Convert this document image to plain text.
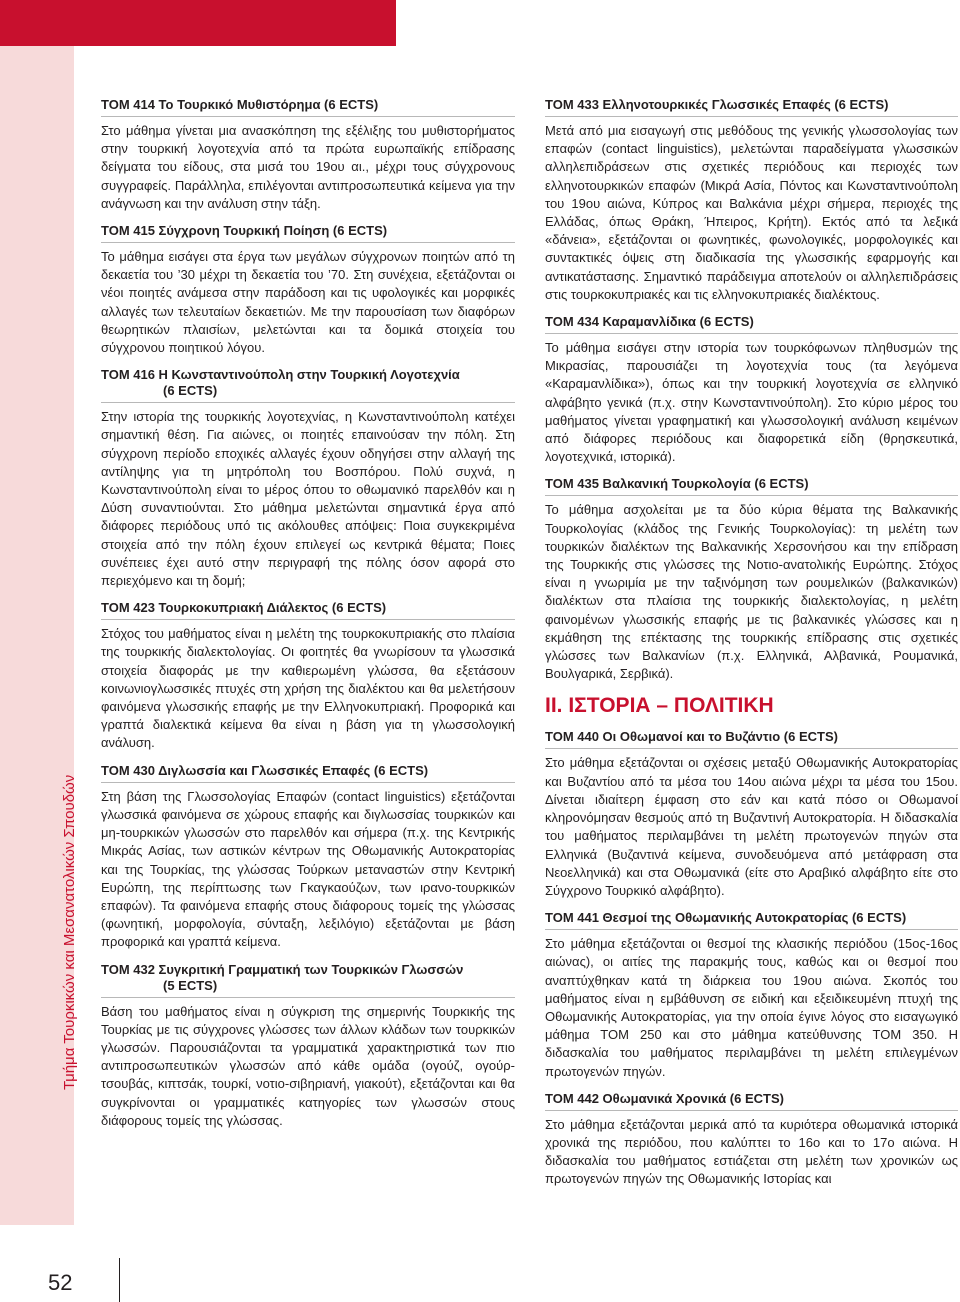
Τμήμα Τουρκικών και Μεσανατολικών Σπουδών
52
ΤΟΜ 414 Το Τουρκικό Μυθιστόρημα (6 ECTS)

Στο μάθημα γίνεται μια ανασκόπηση της εξέλιξης του μυθιστορήματος στην τουρκική λογοτεχνία από τα πρώτα ευρωπαϊκής επίδρασης δείγματα του είδους, στα μισά του 19ου αι., μέχρι τους σύγχρονους συγγραφείς. Παράλληλα, επιλέγονται αντιπροσωπευτικά κείμενα για την ανάγνωση και την ανάλυση στην τάξη.

ΤΟΜ 415 Σύγχρονη Τουρκική Ποίηση (6 ECTS)

Το μάθημα εισάγει στα έργα των μεγάλων σύγχρονων ποιητών από τη δεκαετία του ’30 μέχρι τη δεκαετία του ’70. Στη συνέχεια, εξετάζονται οι νέοι ποιητές ανάμεσα στην παράδοση και τις υφολογικές και μορφικές αλλαγές των τελευταίων δεκαετιών. Με την παρουσίαση των διαφόρων θεωρητικών πλαισίων, μελετώνται και τα δομικά στοιχεία του σύγχρονου ποιητικού λόγου.

ΤΟΜ 416 Η Κωνσταντινούπολη στην Τουρκική Λογοτεχνία
(6 ECTS)

Στην ιστορία της τουρκικής λογοτεχνίας, η Κωνσταντινούπολη κατέχει σημαντική θέση. Για αιώνες, οι ποιητές επαινούσαν την πόλη. Στη σύγχρονη περίοδο εποχικές αλλαγές έχουν οδηγήσει στην αλλαγή της αντίληψης για τη μητρόπολη του Βοσπόρου. Πολύ συχνά, η Κωνσταντινούπολη είναι το μέρος όπου το οθωμανικό παρελθόν και η Δύση συναντιούνται. Στο μάθημα μελετώνται σημαντικά έργα από διάφορες περιόδους υπό τις ακόλουθες απόψεις: Ποια συγκεκριμένα στοιχεία από την πόλη έχουν επιλεγεί ως κεντρικά θέματα; Ποιες συνέπειες έχει αυτό στην περιγραφή της πόλης όσον αφορά στο περιεχόμενο και τη δομή;

ΤΟΜ 423 Τουρκοκυπριακή Διάλεκτος (6 ECTS)

Στόχος του μαθήματος είναι η μελέτη της τουρκοκυπριακής στο πλαίσια της τουρκικής διαλεκτολογίας. Οι φοιτητές θα γνωρίσουν τα γλωσσικά στοιχεία διαφοράς με την καθιερωμένη γλώσσα, θα εξετάσουν κοινωνιογλωσσικές πτυχές στη χρήση της διαλέκτου και θα μελετήσουν φαινόμενα γλωσσικής επαφής με την Ελληνοκυπριακή. Προφορικά και γραπτά διαλεκτικά κείμενα θα είναι η βάση για τη γλωσσολογική ανάλυση.

ΤΟΜ 430 Διγλωσσία και Γλωσσικές Επαφές (6 ECTS)

Στη βάση της Γλωσσολογίας Επαφών (contact linguistics) εξετάζονται γλωσσικά φαινόμενα σε χώρους επαφής και διγλωσσίας τουρκικών και μη-τουρκικών γλωσσών στο παρελθόν και σήμερα (π.χ. της Κεντρικής Μικράς Ασίας, των αστικών κέντρων της Οθωμανικής Αυτοκρατορίας και της Τουρκίας, της γλώσσας Τούρκων μεταναστών στην Κεντρική Ευρώπη, της περίπτωσης των Γκαγκαούζων, των ιρανο-τουρκικών επαφών). Τα φαινόμενα επαφής στους διάφορους τομείς της γλώσσας (φωνητική, μορφολογία, σύνταξη, λεξιλόγιο) εξετάζονται με βάση προφορικά και γραπτά κείμενα.

ΤΟΜ 432 Συγκριτική Γραμματική των Τουρκικών Γλωσσών
(5 ECTS)

Βάση του μαθήματος είναι η σύγκριση της σημερινής Τουρκικής της Τουρκίας με τις σύγχρονες γλώσσες των άλλων κλάδων των τουρκικών γλωσσών. Παρουσιάζονται τα γραμματικά χαρακτηριστικά των πιο αντιπροσωπευτικών γλωσσών από κάθε ομάδα (ογούζ, ογούρ-τσουβάς, κιπτσάκ, τουρκί, νοτιο-σιβηριανή, γιακούτ), εξετάζονται και θα συγκρίνονται οι γραμματικές κατηγορίες των γλωσσών στους διάφορους τομείς της γλώσσας.

ΤΟΜ 433 Ελληνοτουρκικές Γλωσσικές Επαφές (6 ECTS)

Μετά από μια εισαγωγή στις μεθόδους της γενικής γλωσσολογίας των επαφών (contact linguistics), μελετώνται παραδείγματα γλωσσικών αλληλεπιδράσεων στις σχετικές περιόδους και περιοχές των ελληνοτουρκικών επαφών (Μικρά Ασία, Πόντος και Κωνσταντινούπολη του 19ου αιώνα, Κύπρος και Βαλκάνια μέχρι σήμερα, περιοχές της Ελλάδας, όπως Θράκη, Ήπειρος, Κρήτη). Εκτός από τα λεξικά «δάνεια», εξετάζονται οι φωνητικές, φωνολογικές, μορφολογικές και συντακτικές όψεις στη διαδικασία της γλωσσικής εφαρμογής και αντικατάστασης. Σημαντικό παράδειγμα αποτελούν οι αλληλεπιδράσεις στις τουρκοκυπριακές και τις ελληνοκυπριακές διαλέκτους.

ΤΟΜ 434 Καραμανλίδικα (6 ECTS)

Το μάθημα εισάγει στην ιστορία των τουρκόφωνων πληθυσμών της Μικρασίας, παρουσιάζει τη λογοτεχνία τους (τα λεγόμενα «Καραμανλίδικα»), όπως και την τουρκική λογοτεχνία σε ελληνικό αλφάβητο γενικά (π.χ. στην Κωνσταντινούπολη). Στο κύριο μέρος του μαθήματος γίνεται γραφηματική και γλωσσολογική ανάλυση κειμένων από διάφορες περιόδους και διαφορετικά είδη (θρησκευτικά, λογοτεχνικά, ιστορικά).

ΤΟΜ 435 Βαλκανική Τουρκολογία (6 ECTS)

Το μάθημα ασχολείται με τα δύο κύρια θέματα της Βαλκανικής Τουρκολογίας (κλάδος της Γενικής Τουρκολογίας): τη μελέτη των τουρκικών διαλέκτων της Βαλκανικής Χερσονήσου και την επίδραση της Τουρκικής στις γλώσσες της Νοτιο-ανατολικής Ευρώπης. Στόχος είναι η γνωριμία με την ταξινόμηση των ρουμελικών (βαλκανικών) διαλέκτων στα πλαίσια της τουρκικής διαλεκτολογίας, η μελέτη φαινομένων γλωσσικής επαφής με τις βαλκανικές γλώσσες και η εκμάθηση της επέκτασης της τουρκικής επίδρασης στις σχετικές γλώσσες των Βαλκανίων (π.χ. Ελληνικά, Αλβανικά, Ρουμανικά, Βουλγαρικά, Σερβικά).

II. ΙΣΤΟΡΙΑ – ΠΟΛΙΤΙΚΗ
ΤΟΜ 440 Οι Οθωμανοί και το Βυζάντιο (6 ECTS)

Στο μάθημα εξετάζονται οι σχέσεις μεταξύ Οθωμανικής Αυτοκρατορίας και Βυζαντίου από τα μέσα του 14ου αιώνα μέχρι τα μέσα του 15ου. Δίνεται ιδιαίτερη έμφαση στο εάν και κατά πόσο οι Οθωμανοί κληρονόμησαν θεσμούς από τη Βυζαντινή Αυτοκρατορία. Η διδασκαλία του μαθήματος περιλαμβάνει τη μελέτη πρωτογενών πηγών στα Ελληνικά (Βυζαντινά κείμενα, συνοδευόμενα από μετάφραση στα Νεοελληνικά) και στα Οθωμανικά (είτε στο Αραβικό αλφάβητο είτε στο Σύγχρονο Τουρκικό αλφάβητο).

ΤΟΜ 441 Θεσμοί της Οθωμανικής Αυτοκρατορίας (6 ECTS)

Στο μάθημα εξετάζονται οι θεσμοί της κλασικής περιόδου (15ος-16ος αιώνας), οι αιτίες της παρακμής τους, καθώς και οι θεσμοί που αναπτύχθηκαν κατά τη διάρκεια του 19ου αιώνα. Σκοπός του μαθήματος είναι η εμβάθυνση σε ειδική και εξειδικευμένη πτυχή της Οθωμανικής Αυτοκρατορίας, για την οποία έγινε λόγος στο εισαγωγικό μάθημα ΤΟΜ 250 και στο μάθημα κατεύθυνσης ΤΟΜ 350. Η διδασκαλία του μαθήματος περιλαμβάνει τη μελέτη επιλεγμένων πρωτογενών πηγών.

ΤΟΜ 442 Οθωμανικά Χρονικά (6 ECTS)

Στο μάθημα εξετάζονται μερικά από τα κυριότερα οθωμανικά ιστορικά χρονικά της περιόδου, που καλύπτει το 16ο και το 17ο αιώνα. Η διδασκαλία του μαθήματος εστιάζεται στη μελέτη των χρονικών ως πρωτογενών πηγών της Οθωμανικής Ιστορίας και
